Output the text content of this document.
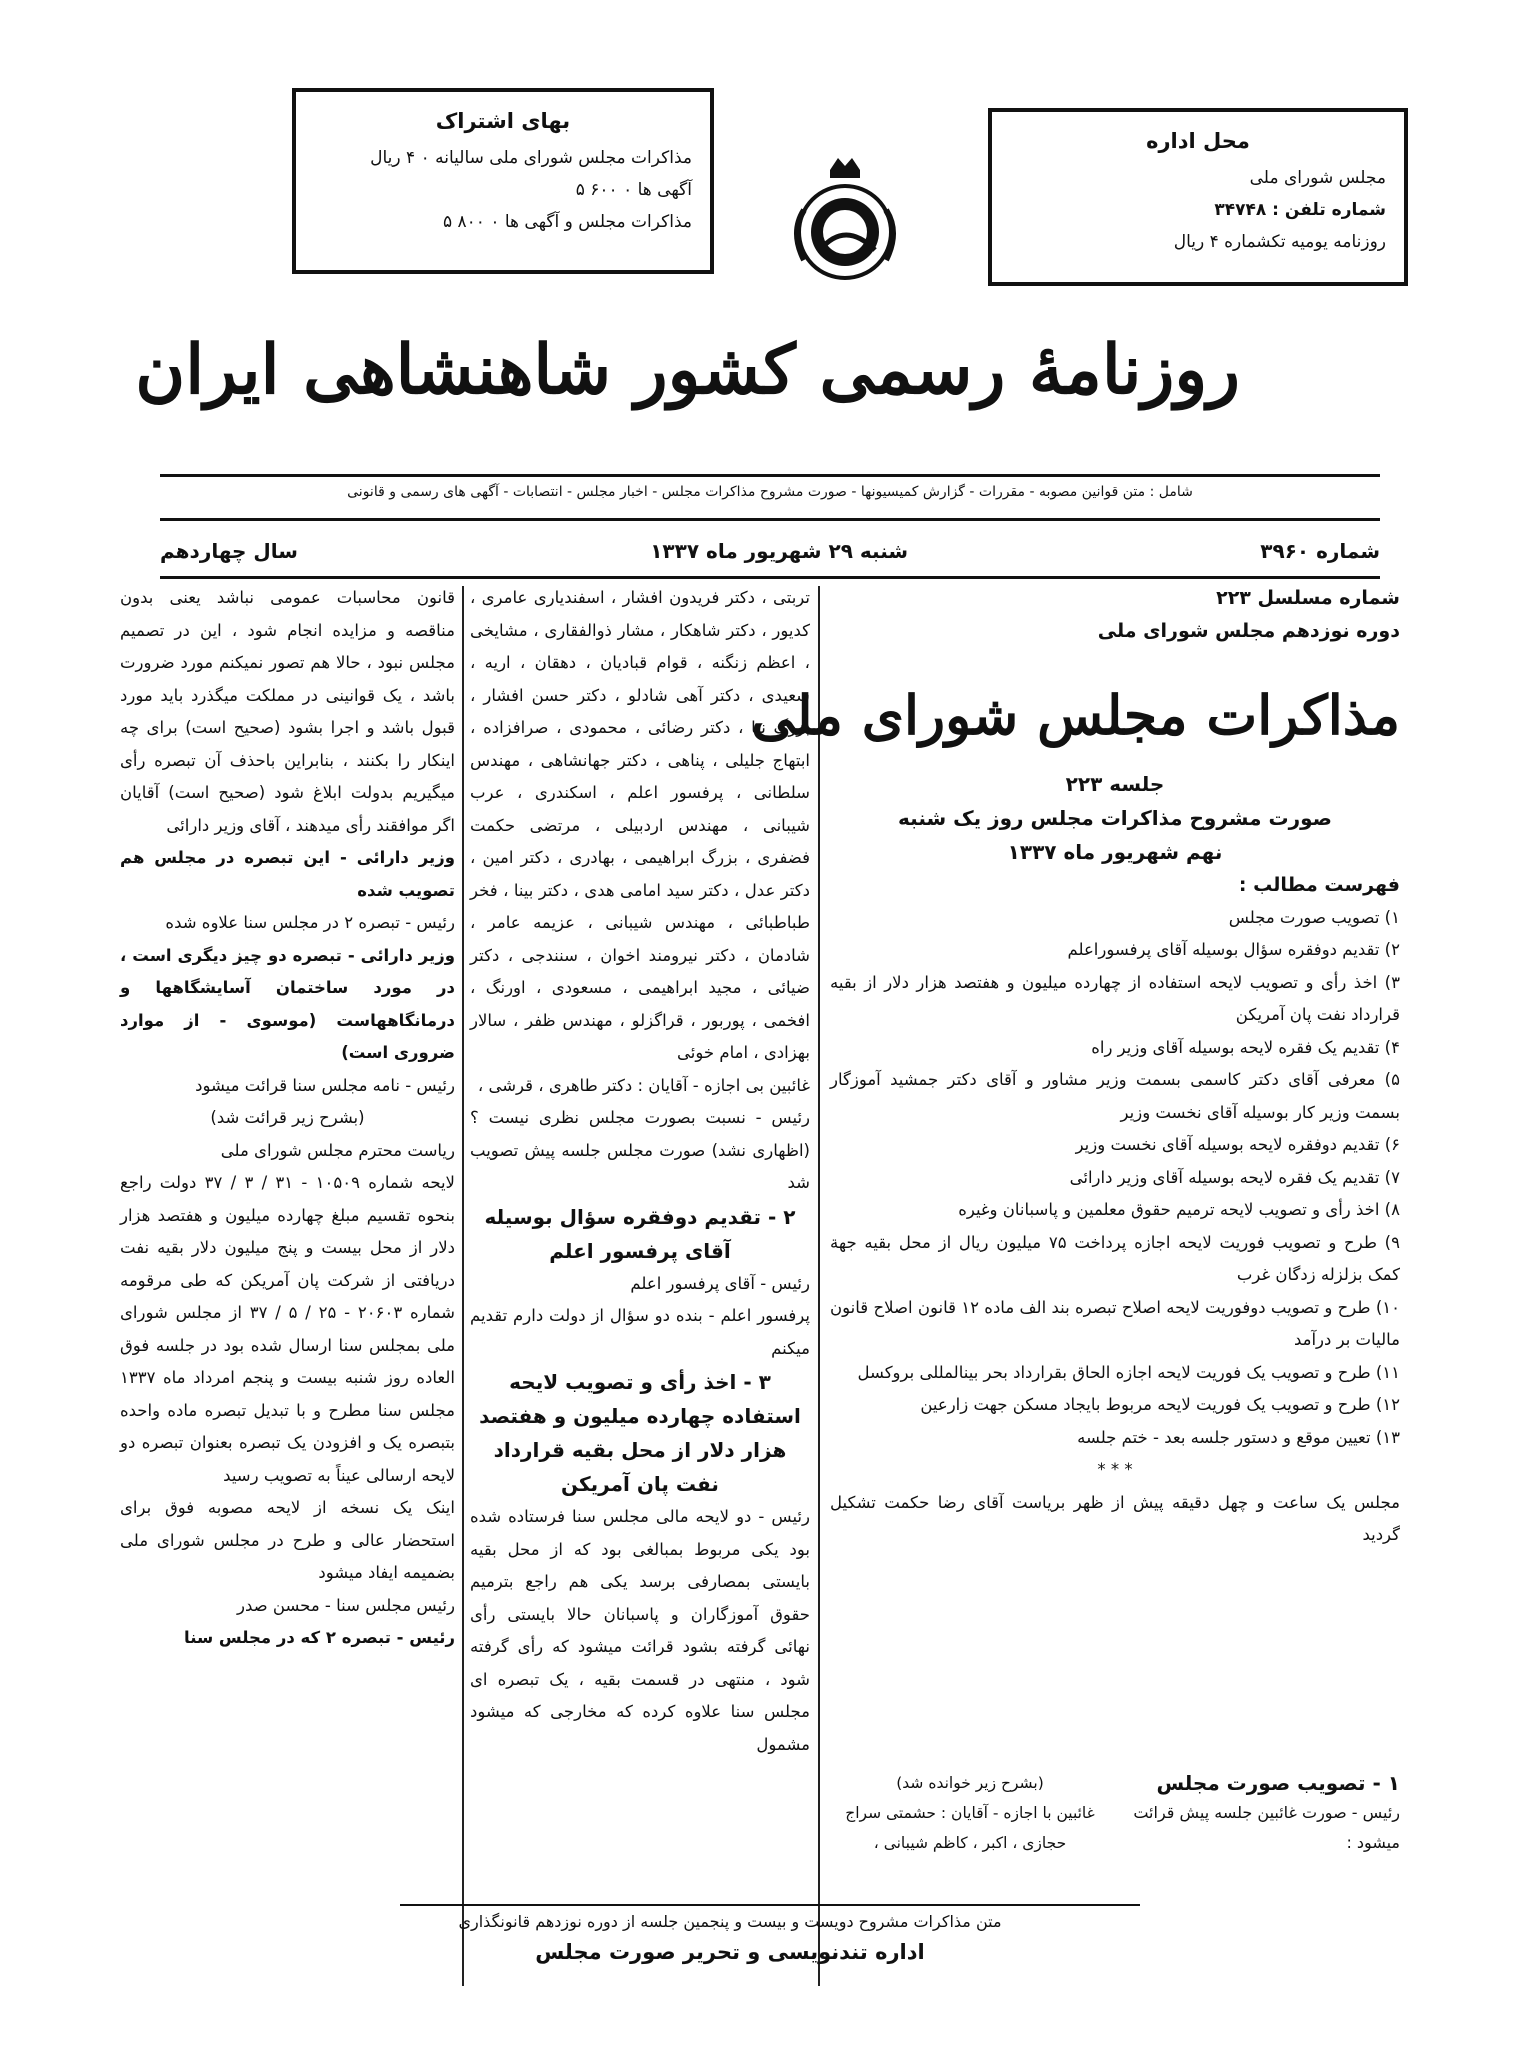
بهای اشتراک
مذاکرات مجلس شورای ملی سالیانه ۰ ۴ ریال
آگهی ها ۰ ۶۰۰ ۵
مذاکرات مجلس و آگهی ها ۰ ۸۰۰ ۵
محل اداره
مجلس شورای ملی
شماره تلفن : ۳۴۷۴۸
روزنامه یومیه تکشماره ۴ ریال
روزنامهٔ رسمی کشور شاهنشاهی ایران
شامل : متن قوانین مصوبه - مقررات - گزارش کمیسیونها - صورت مشروح مذاکرات مجلس - اخبار مجلس - انتصابات - آگهی های رسمی و قانونی
شماره ۳۹۶۰
شنبه ۲۹ شهریور ماه ۱۳۳۷
سال چهاردهم

شماره مسلسل ۲۲۳

دوره نوزدهم مجلس شورای ملی

مذاکرات مجلس شورای ملی

جلسه ۲۲۳

صورت مشروح مذاکرات مجلس روز یک شنبه

نهم شهریور ماه ۱۳۳۷

فهرست مطالب :

۱) تصویب صورت مجلس

۲) تقدیم دوفقره سؤال بوسیله آقای پرفسوراعلم

۳) اخذ رأی و تصویب لایحه استفاده از چهارده میلیون و هفتصد هزار دلار از بقیه قرارداد نفت پان آمریکن

۴) تقدیم یک فقره لایحه بوسیله آقای وزیر راه

۵) معرفی آقای دکتر کاسمی بسمت وزیر مشاور و آقای دکتر جمشید آموزگار بسمت وزیر کار بوسیله آقای نخست وزیر

۶) تقدیم دوفقره لایحه بوسیله آقای نخست وزیر

۷) تقدیم یک فقره لایحه بوسیله آقای وزیر دارائی

۸) اخذ رأی و تصویب لایحه ترمیم حقوق معلمین و پاسبانان وغیره

۹) طرح و تصویب فوریت لایحه اجازه پرداخت ۷۵ میلیون ریال از محل بقیه جهة کمک بزلزله زدگان غرب

۱۰) طرح و تصویب دوفوریت لایحه اصلاح تبصره بند الف ماده ۱۲ قانون اصلاح قانون مالیات بر درآمد

۱۱) طرح و تصویب یک فوریت لایحه اجازه الحاق بقرارداد بحر بینالمللی بروکسل

۱۲) طرح و تصویب یک فوریت لایحه مربوط بایجاد مسکن جهت زارعین

۱۳) تعیین موقع و دستور جلسه بعد - ختم جلسه

* * *

مجلس یک ساعت و چهل دقیقه پیش از ظهر بریاست آقای رضا حکمت تشکیل گردید

۱ - تصویب صورت مجلس
رئیس - صورت غائبین جلسه پیش قرائت میشود :
(بشرح زیر خوانده شد)
غائبین با اجازه - آقایان : حشمتی سراج حجازی ، اکبر ، کاظم شیبانی ،

تربتی ، دکتر فریدون افشار ، اسفندیاری عامری ، کدیور ، دکتر شاهکار ، مشار ذوالفقاری ، مشایخی ، اعظم زنگنه ، قوام قبادیان ، دهقان ، اریه ، سعیدی ، دکتر آهی شادلو ، دکتر حسن افشار ، بزرگ نیا ، دکتر رضائی ، محمودی ، صرافزاده ، ابتهاج جلیلی ، پناهی ، دکتر جهانشاهی ، مهندس سلطانی ، پرفسور اعلم ، اسکندری ، عرب شیبانی ، مهندس اردبیلی ، مرتضی حکمت فضفری ، بزرگ ابراهیمی ، بهادری ، دکتر امین ، دکتر عدل ، دکتر سید امامی هدی ، دکتر بینا ، فخر طباطبائی ، مهندس شیبانی ، عزیمه عامر ، شادمان ، دکتر نیرومند اخوان ، سنندجی ، دکتر ضیائی ، مجید ابراهیمی ، مسعودی ، اورنگ ، افخمی ، پوربور ، قراگزلو ، مهندس ظفر ، سالار بهزادی ، امام خوئی

غائبین بی اجازه - آقایان : دکتر طاهری ، قرشی ،

رئیس - نسبت بصورت مجلس نظری نیست ؟ (اظهاری نشد) صورت مجلس جلسه پیش تصویب شد

۲ - تقدیم دوفقره سؤال بوسیله آقای پرفسور اعلم

رئیس - آقای پرفسور اعلم

پرفسور اعلم - بنده دو سؤال از دولت دارم تقدیم میکنم

۳ - اخذ رأی و تصویب لایحه استفاده چهارده میلیون و هفتصد هزار دلار از محل بقیه قرارداد نفت پان آمریکن

رئیس - دو لایحه مالی مجلس سنا فرستاده شده بود یکی مربوط بمبالغی بود که از محل بقیه بایستی بمصارفی برسد یکی هم راجع بترمیم حقوق آموزگاران و پاسبانان حالا بایستی رأی نهائی گرفته بشود قرائت میشود که رأی گرفته شود ، منتهی در قسمت بقیه ، یک تبصره ای مجلس سنا علاوه کرده که مخارجی که میشود مشمول

قانون محاسبات عمومی نباشد یعنی بدون مناقصه و مزایده انجام شود ، این در تصمیم مجلس نبود ، حالا هم تصور نمیکنم مورد ضرورت باشد ، یک قوانینی در مملکت میگذرد باید مورد قبول باشد و اجرا بشود (صحیح است) برای چه اینکار را بکنند ، بنابراین باحذف آن تبصره رأی میگیریم بدولت ابلاغ شود (صحیح است) آقایان اگر موافقند رأی میدهند ، آقای وزیر دارائی

وزیر دارائی - این تبصره در مجلس هم تصویب شده

رئیس - تبصره ۲ در مجلس سنا علاوه شده

وزیر دارائی - تبصره دو چیز دیگری است ، در مورد ساختمان آسایشگاهها و درمانگاههاست (موسوی - از موارد ضروری است)

رئیس - نامه مجلس سنا قرائت میشود

(بشرح زیر قرائت شد)

ریاست محترم مجلس شورای ملی

لایحه شماره ۱۰۵۰۹ - ۳۱ / ۳ / ۳۷ دولت راجع بنحوه تقسیم مبلغ چهارده میلیون و هفتصد هزار دلار از محل بیست و پنج میلیون دلار بقیه نفت دریافتی از شرکت پان آمریکن که طی مرقومه شماره ۲۰۶۰۳ - ۲۵ / ۵ / ۳۷ از مجلس شورای ملی بمجلس سنا ارسال شده بود در جلسه فوق العاده روز شنبه بیست و پنجم امرداد ماه ۱۳۳۷ مجلس سنا مطرح و با تبدیل تبصره ماده واحده بتبصره یک و افزودن یک تبصره بعنوان تبصره دو لایحه ارسالی عیناً به تصویب رسید

اینک یک نسخه از لایحه مصوبه فوق برای استحضار عالی و طرح در مجلس شورای ملی بضمیمه ایفاد میشود

رئیس مجلس سنا - محسن صدر

رئیس - تبصره ۲ که در مجلس سنا

متن مذاکرات مشروح دویست و بیست و پنجمین جلسه از دوره نوزدهم قانونگذاری
اداره تندنویسی و تحریر صورت مجلس
